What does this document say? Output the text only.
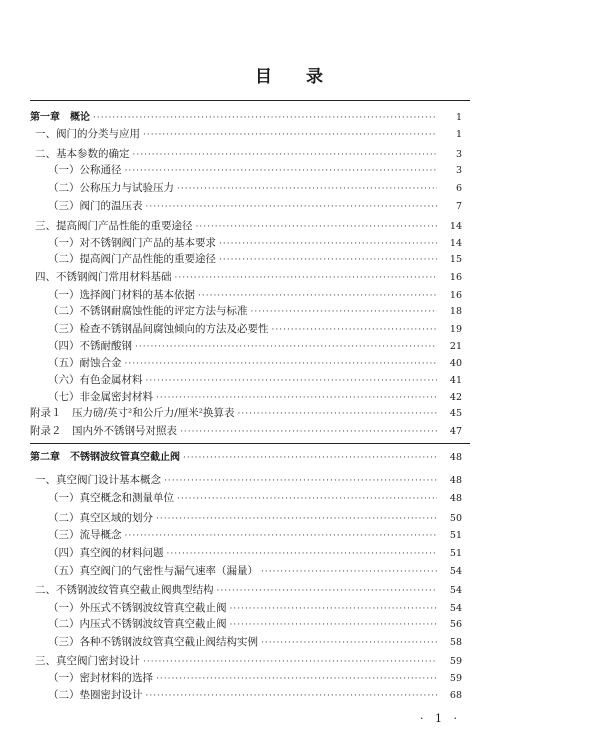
目 录
第一章　概论 ·····	1
一、阀门的分类与应用 ·····	1
二、基本参数的确定 ·····	3
（一）公称通径 ·····	3
（二）公称压力与试验压力 ·····	6
（三）阀门的温压表 ·····	7
三、提高阀门产品性能的重要途径 ·····	14
（一）对不锈钢阀门产品的基本要求 ·····	14
（二）提高阀门产品性能的重要途径 ·····	15
四、不锈钢阀门常用材料基础 ·····	16
（一）选择阀门材料的基本依据 ·····	16
（二）不锈钢耐腐蚀性能的评定方法与标准 ·····	18
（三）检查不锈钢晶间腐蚀倾向的方法及必要性 ·····	19
（四）不锈耐酸钢 ·····	21
（五）耐蚀合金 ·····	40
（六）有色金属材料 ·····	41
（七）非金属密封材料 ·····	42
附录１　压力磅/英寸²和公斤力/厘米²换算表 ·····	45
附录２　国内外不锈钢号对照表 ·····	47
第二章　不锈钢波纹管真空截止阀 ·····	48
一、真空阀门设计基本概念 ·····	48
（一）真空概念和测量单位 ·····	48
（二）真空区域的划分 ·····	50
（三）流导概念 ·····	51
（四）真空阀的材料问题 ·····	51
（五）真空阀门的气密性与漏气速率（漏量） ·····	54
二、不锈钢波纹管真空截止阀典型结构 ·····	54
（一）外压式不锈钢波纹管真空截止阀 ·····	54
（二）内压式不锈钢波纹管真空截止阀 ·····	56
（三）各种不锈钢波纹管真空截止阀结构实例 ·····	58
三、真空阀门密封设计 ·····	59
（一）密封材料的选择 ·····	59
（二）垫圈密封设计 ·····	68
· 1 ·
